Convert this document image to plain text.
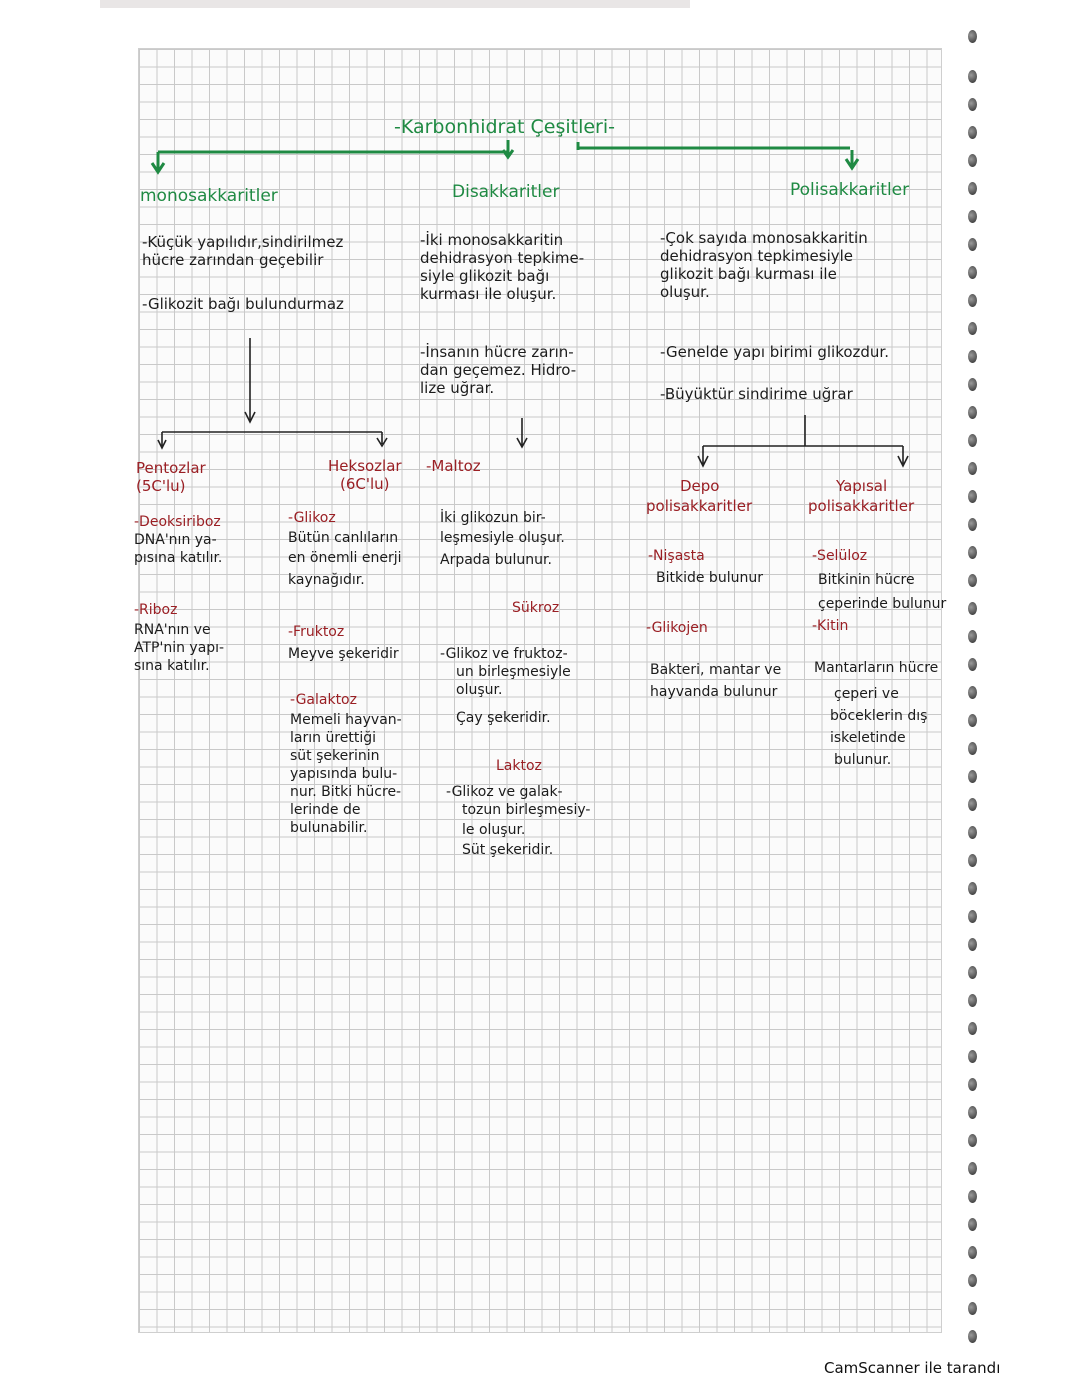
-Karbonhidrat Çeşitleri-

monosakkaritler	Disakkaritler	Polisakkaritler

-Küçük yapılıdır,sindirilmez

hücre zarından geçebilir

-Glikozit bağı bulundurmaz

-İki monosakkaritin

dehidrasyon tepkime-

siyle glikozit bağı

kurması ile oluşur.

-İnsanın hücre zarın-

dan geçemez. Hidro-

lize uğrar.

-Çok sayıda monosakkaritin

dehidrasyon tepkimesiyle

glikozit bağı kurması ile

oluşur.

-Genelde yapı birimi glikozdur.

-Büyüktür sindirime uğrar

Pentozlar

(5C'lu)

-Deoksiriboz

DNA'nın ya-

pısına katılır.

-Riboz

RNA'nın ve

ATP'nin yapı-

sına katılır.

Heksozlar

(6C'lu)

-Glikoz

Bütün canlıların

en önemli enerji

kaynağıdır.

-Fruktoz

Meyve şekeridir

-Galaktoz

Memeli hayvan-

ların ürettiği

süt şekerinin

yapısında bulu-

nur. Bitki hücre-

lerinde de

bulunabilir.

-Maltoz

İki glikozun bir-

leşmesiyle oluşur.

Arpada bulunur.

Sükroz

-Glikoz ve fruktoz-

un birleşmesiyle

oluşur.

Çay şekeridir.

Laktoz

-Glikoz ve galak-

tozun birleşmesiy-

le oluşur.

Süt şekeridir.

Depo

polisakkaritler

-Nişasta

Bitkide bulunur

-Glikojen

Bakteri, mantar ve

hayvanda bulunur

Yapısal

polisakkaritler

-Selüloz

Bitkinin hücre

çeperinde bulunur

-Kitin

Mantarların hücre

çeperi ve

böceklerin dış

iskeletinde

bulunur.

CamScanner ile tarandı
